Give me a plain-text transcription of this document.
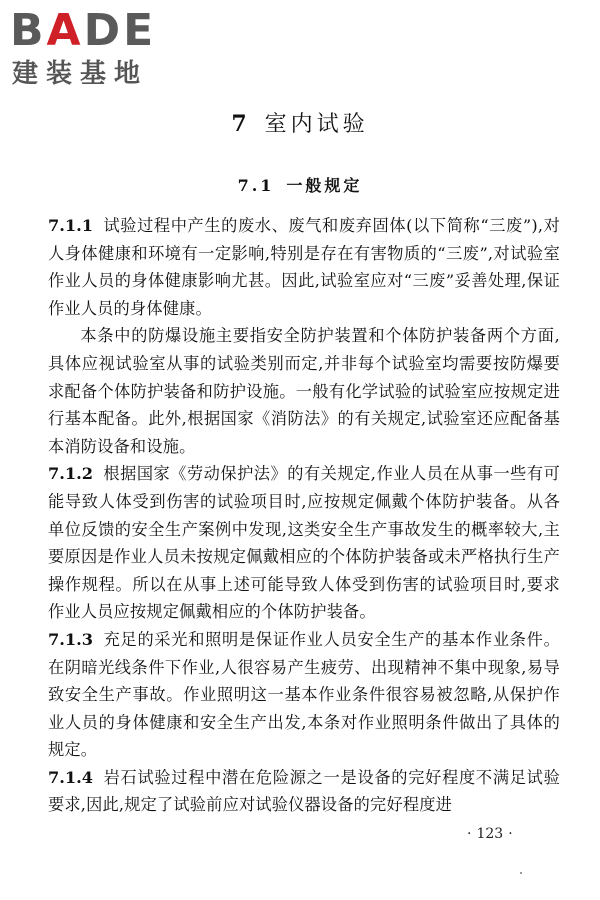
BADE
建装基地
7 室内试验
7.1 一般规定

7.1.1 试验过程中产生的废水、废气和废弃固体(以下简称“三废”),对人身体健康和环境有一定影响,特别是存在有害物质的“三废”,对试验室作业人员的身体健康影响尤甚。因此,试验室应对“三废”妥善处理,保证作业人员的身体健康。

本条中的防爆设施主要指安全防护装置和个体防护装备两个方面,具体应视试验室从事的试验类别而定,并非每个试验室均需要按防爆要求配备个体防护装备和防护设施。一般有化学试验的试验室应按规定进行基本配备。此外,根据国家《消防法》的有关规定,试验室还应配备基本消防设备和设施。

7.1.2 根据国家《劳动保护法》的有关规定,作业人员在从事一些有可能导致人体受到伤害的试验项目时,应按规定佩戴个体防护装备。从各单位反馈的安全生产案例中发现,这类安全生产事故发生的概率较大,主要原因是作业人员未按规定佩戴相应的个体防护装备或未严格执行生产操作规程。所以在从事上述可能导致人体受到伤害的试验项目时,要求作业人员应按规定佩戴相应的个体防护装备。

7.1.3 充足的采光和照明是保证作业人员安全生产的基本作业条件。在阴暗光线条件下作业,人很容易产生疲劳、出现精神不集中现象,易导致安全生产事故。作业照明这一基本作业条件很容易被忽略,从保护作业人员的身体健康和安全生产出发,本条对作业照明条件做出了具体的规定。

7.1.4 岩石试验过程中潜在危险源之一是设备的完好程度不满足试验要求,因此,规定了试验前应对试验仪器设备的完好程度进

· 123 ·
